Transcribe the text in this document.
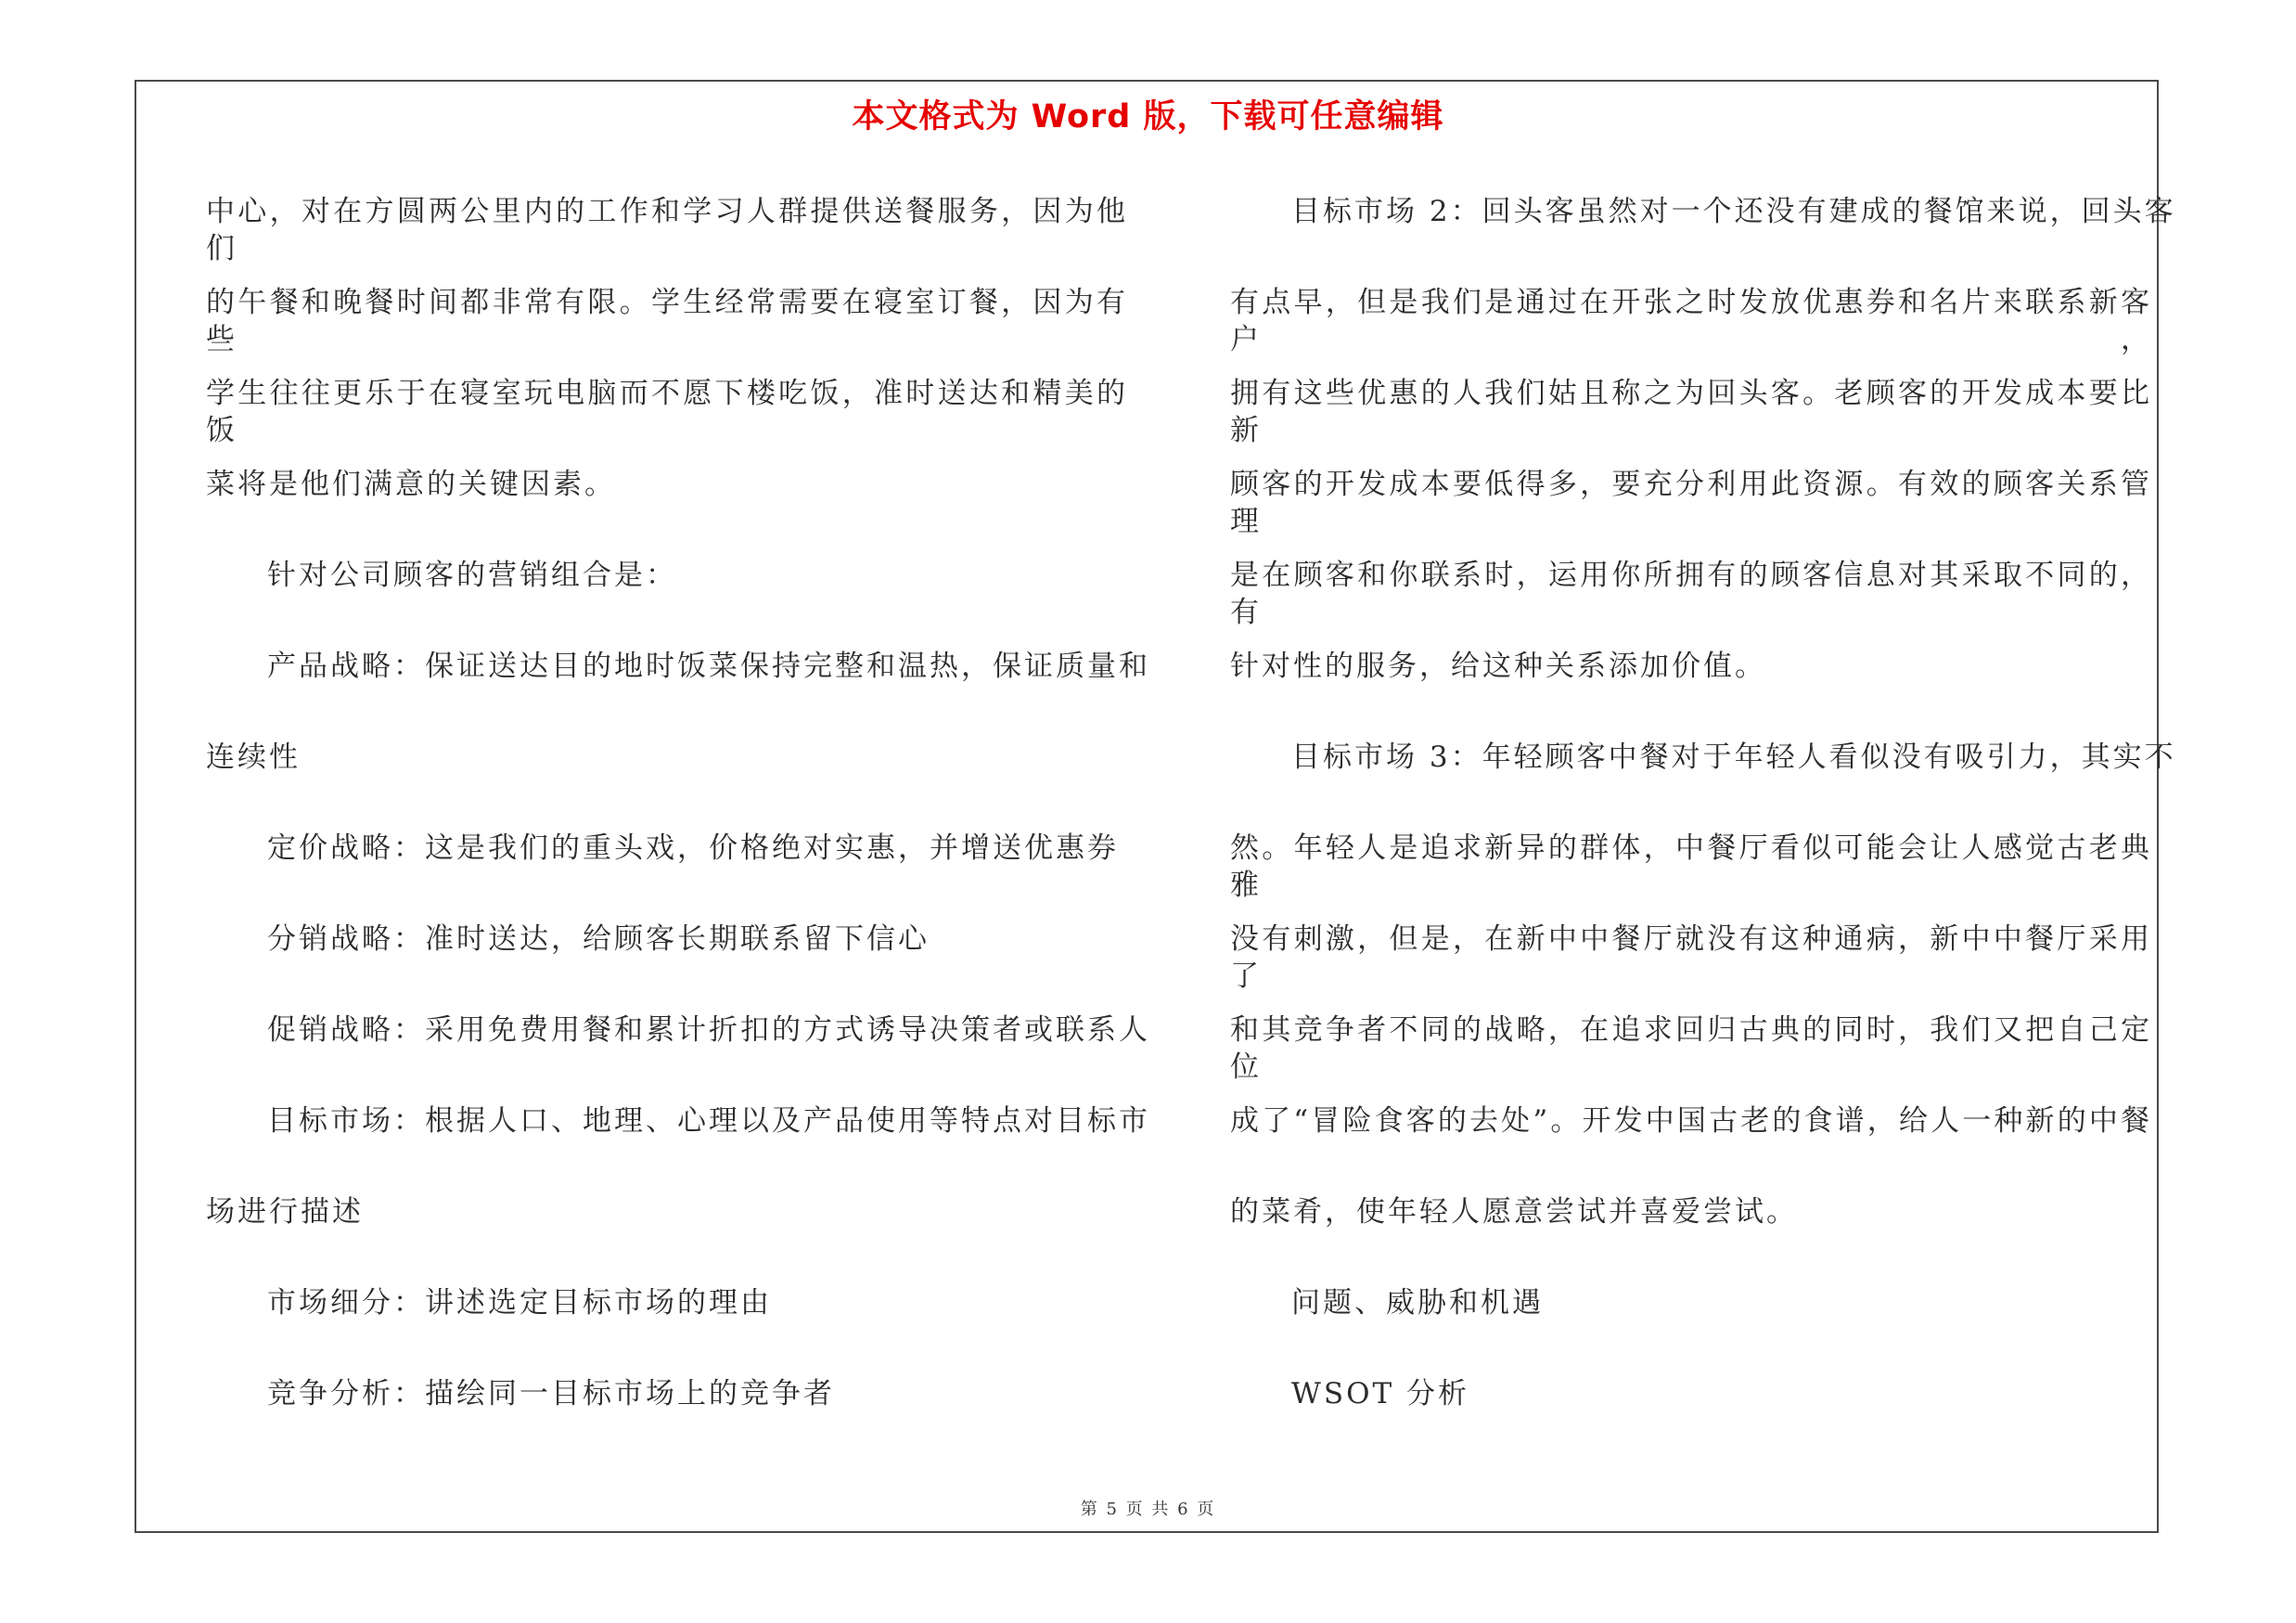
本文格式为 Word 版，下载可任意编辑
中心，对在方圆两公里内的工作和学习人群提供送餐服务，因为他们
的午餐和晚餐时间都非常有限。学生经常需要在寝室订餐，因为有些
学生往往更乐于在寝室玩电脑而不愿下楼吃饭，准时送达和精美的饭
菜将是他们满意的关键因素。
针对公司顾客的营销组合是：
产品战略：保证送达目的地时饭菜保持完整和温热，保证质量和
连续性
定价战略：这是我们的重头戏，价格绝对实惠，并增送优惠券
分销战略：准时送达，给顾客长期联系留下信心
促销战略：采用免费用餐和累计折扣的方式诱导决策者或联系人
目标市场：根据人口、地理、心理以及产品使用等特点对目标市
场进行描述
市场细分：讲述选定目标市场的理由
竞争分析：描绘同一目标市场上的竞争者
目标市场 2：回头客虽然对一个还没有建成的餐馆来说，回头客
有点早，但是我们是通过在开张之时发放优惠券和名片来联系新客户，
拥有这些优惠的人我们姑且称之为回头客。老顾客的开发成本要比新
顾客的开发成本要低得多，要充分利用此资源。有效的顾客关系管理
是在顾客和你联系时，运用你所拥有的顾客信息对其采取不同的，有
针对性的服务，给这种关系添加价值。
目标市场 3：年轻顾客中餐对于年轻人看似没有吸引力，其实不
然。年轻人是追求新异的群体，中餐厅看似可能会让人感觉古老典雅
没有刺激，但是，在新中中餐厅就没有这种通病，新中中餐厅采用了
和其竞争者不同的战略，在追求回归古典的同时，我们又把自己定位
成了“冒险食客的去处”。开发中国古老的食谱，给人一种新的中餐
的菜肴，使年轻人愿意尝试并喜爱尝试。
问题、威胁和机遇
WSOT 分析
第 5 页 共 6 页
